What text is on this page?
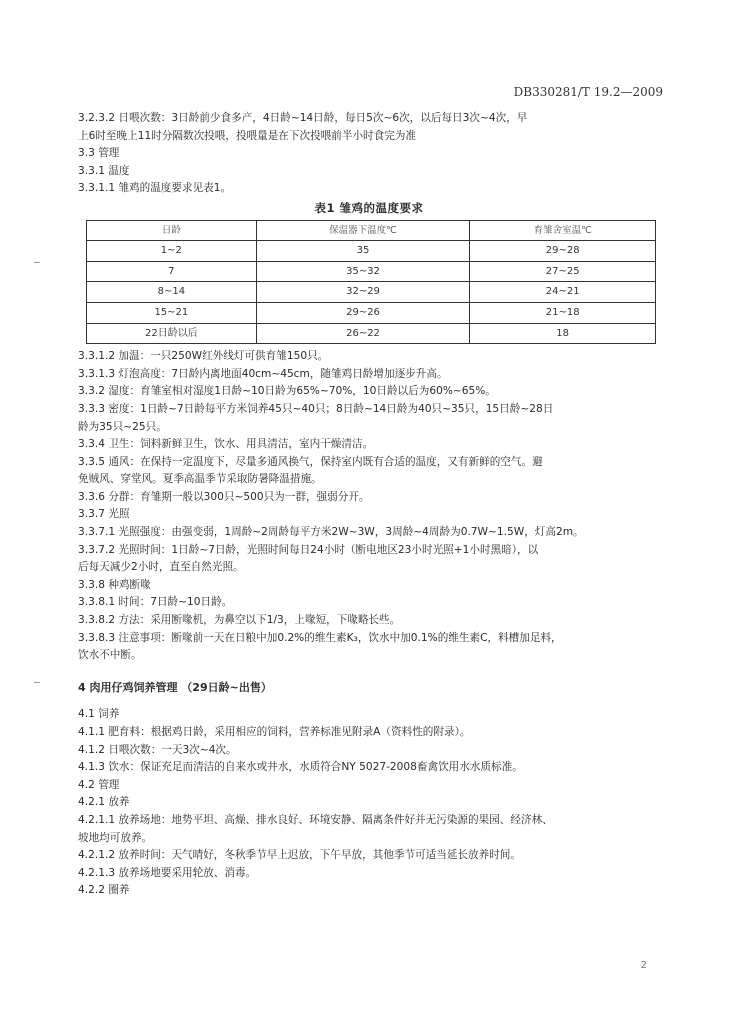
DB330281/T 19.2—2009
3.2.3.2 日喂次数：3日龄前少食多产，4日龄~14日龄，每日5次~6次，以后每日3次~4次，早
上6时至晚上11时分隔数次投喂，投喂量是在下次投喂前半小时食完为准
3.3 管理
3.3.1 温度
3.3.1.1 雏鸡的温度要求见表1。
表1 雏鸡的温度要求
日龄	保温器下温度℃	育雏舍室温℃
1~2	35	29~28
7	35~32	27~25
8~14	32~29	24~21
15~21	29~26	21~18
22日龄以后	26~22	18
3.3.1.2 加温：一只250W红外线灯可供育雏150只。
3.3.1.3 灯泡高度：7日龄内离地面40cm~45cm，随雏鸡日龄增加逐步升高。
3.3.2 湿度：育雏室相对湿度1日龄~10日龄为65%~70%，10日龄以后为60%~65%。
3.3.3 密度：1日龄~7日龄每平方米饲养45只~40只；8日龄~14日龄为40只~35只，15日龄~28日
龄为35只~25只。
3.3.4 卫生：饲料新鲜卫生，饮水、用具清洁，室内干燥清洁。
3.3.5 通风：在保持一定温度下，尽量多通风换气，保持室内既有合适的温度，又有新鲜的空气。避
免贼风、穿堂风。夏季高温季节采取防暑降温措施。
3.3.6 分群：育雏期一般以300只~500只为一群，强弱分开。
3.3.7 光照
3.3.7.1 光照强度：由强变弱，1周龄~2周龄每平方米2W~3W，3周龄~4周龄为0.7W~1.5W，灯高2m。
3.3.7.2 光照时间：1日龄~7日龄，光照时间每日24小时（断电地区23小时光照+1小时黑暗），以
后每天减少2小时，直至自然光照。
3.3.8 种鸡断喙
3.3.8.1 时间：7日龄~10日龄。
3.3.8.2 方法：采用断喙机，为鼻空以下1/3，上喙短，下喙略长些。
3.3.8.3 注意事项：断喙前一天在日粮中加0.2%的维生素K₃，饮水中加0.1%的维生素C，料槽加足料，
饮水不中断。
4 肉用仔鸡饲养管理 （29日龄~出售）
4.1 饲养
4.1.1 肥育料：根据鸡日龄，采用相应的饲料，营养标准见附录A（资料性的附录）。
4.1.2 日喂次数：一天3次~4次。
4.1.3 饮水：保证充足而清洁的自来水或井水，水质符合NY 5027-2008畜禽饮用水水质标准。
4.2 管理
4.2.1 放养
4.2.1.1 放养场地：地势平坦、高燥、排水良好、环境安静、隔离条件好并无污染源的果园、经济林、
坡地均可放养。
4.2.1.2 放养时间：天气晴好，冬秋季节早上迟放，下午早放，其他季节可适当延长放养时间。
4.2.1.3 放养场地要采用轮放、消毒。
4.2.2 圈养
2
